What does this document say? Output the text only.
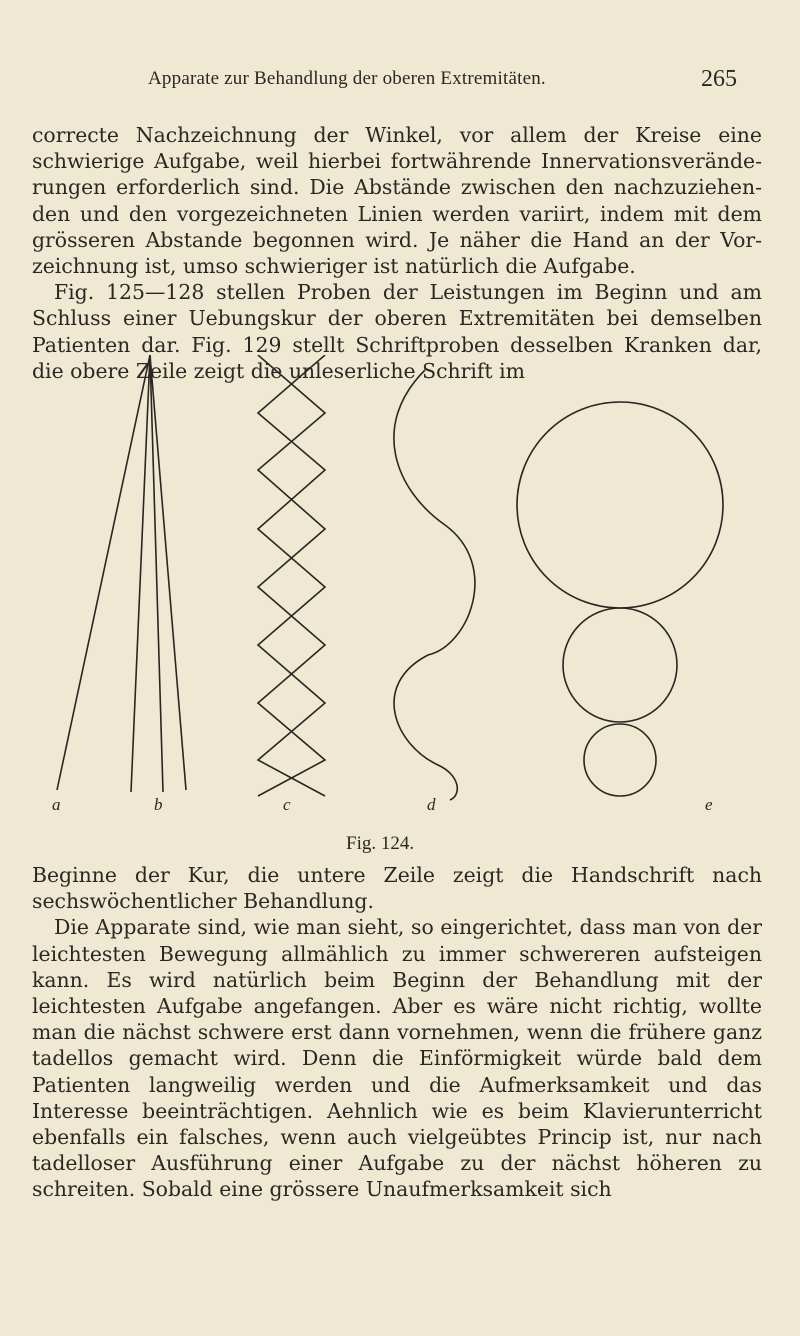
Apparate zur Behandlung der oberen Extremitäten.	265
correcte Nachzeichnung der Winkel, vor allem der Kreise eine schwierige Aufgabe, weil hierbei fortwährende Innervationsveränderungen erforderlich sind. Die Abstände zwischen den nachzuziehenden und den vorgezeichneten Linien werden variirt, indem mit dem grösseren Abstande begonnen wird. Je näher die Hand an der Vorzeichnung ist, umso schwieriger ist natürlich die Aufgabe.
Fig. 125—128 stellen Proben der Leistungen im Beginn und am Schluss einer Uebungskur der oberen Extremitäten bei demselben Patienten dar. Fig. 129 stellt Schriftproben desselben Kranken dar, die obere Zeile zeigt die unleserliche Schrift im
a	b	c	d	e
Fig. 124.
Beginne der Kur, die untere Zeile zeigt die Handschrift nach sechswöchentlicher Behandlung.
Die Apparate sind, wie man sieht, so eingerichtet, dass man von der leichtesten Bewegung allmählich zu immer schwereren aufsteigen kann. Es wird natürlich beim Beginn der Behandlung mit der leichtesten Aufgabe angefangen. Aber es wäre nicht richtig, wollte man die nächst schwere erst dann vornehmen, wenn die frühere ganz tadellos gemacht wird. Denn die Einförmigkeit würde bald dem Patienten langweilig werden und die Aufmerksamkeit und das Interesse beeinträchtigen. Aehnlich wie es beim Klavierunterricht ebenfalls ein falsches, wenn auch vielgeübtes Princip ist, nur nach tadelloser Ausführung einer Aufgabe zu der nächst höheren zu schreiten. Sobald eine grössere Unaufmerksamkeit sich
